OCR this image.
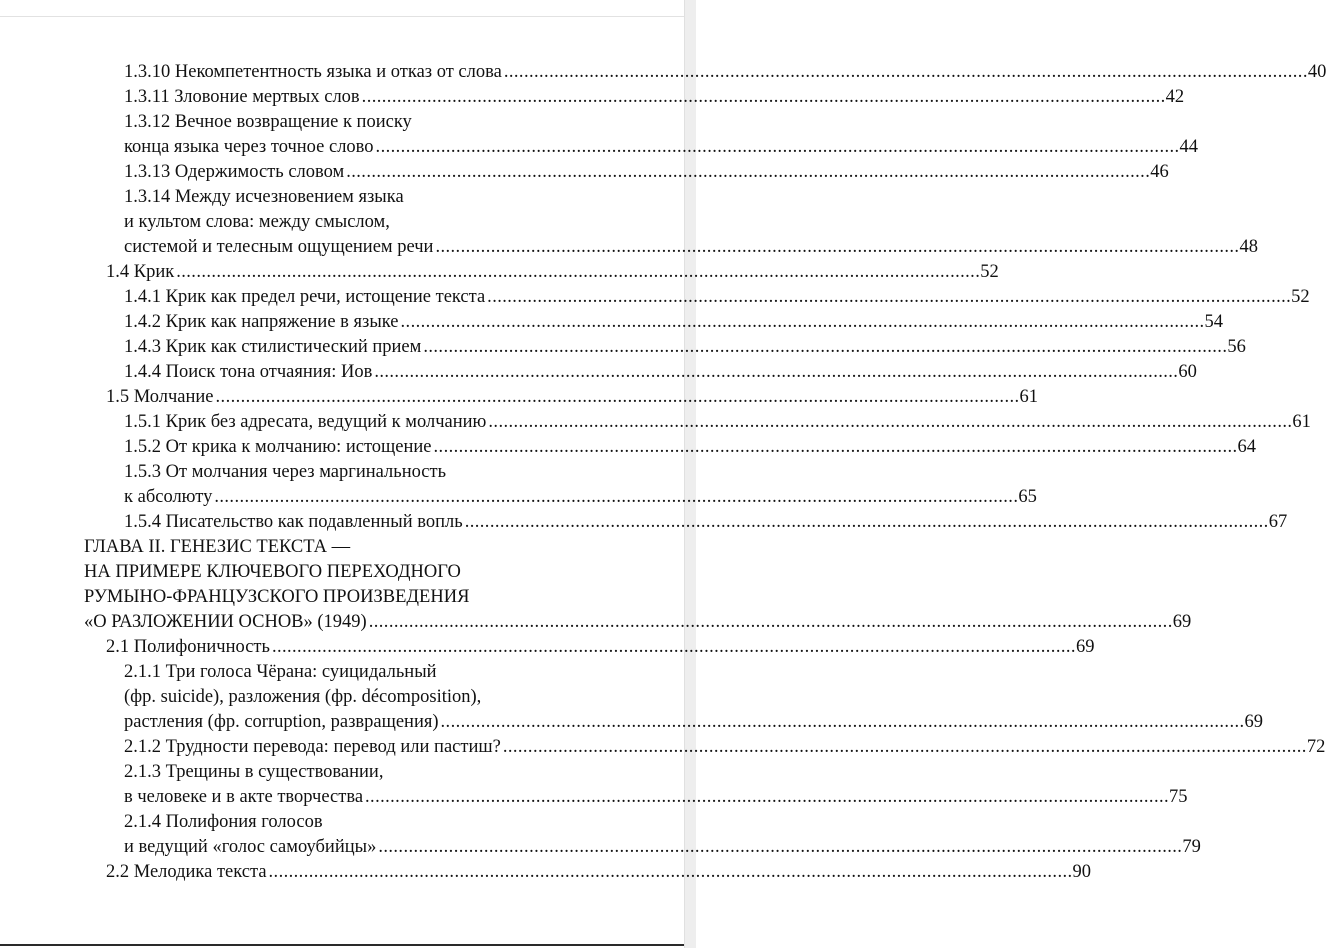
1.3.10 Некомпетентность языка и отказ от слова ................................................................................................................................................................ 40
1.3.11 Зловоние мертвых слов ................................................................................................................................................................ 42
1.3.12 Вечное возвращение к поиску
конца языка через точное слово ................................................................................................................................................................ 44
1.3.13 Одержимость словом ................................................................................................................................................................ 46
1.3.14 Между исчезновением языка
и культом слова: между смыслом,
системой и телесным ощущением речи ................................................................................................................................................................ 48
1.4 Крик ................................................................................................................................................................ 52
1.4.1 Крик как предел речи, истощение текста ................................................................................................................................................................ 52
1.4.2 Крик как напряжение в языке ................................................................................................................................................................ 54
1.4.3 Крик как стилистический прием ................................................................................................................................................................ 56
1.4.4 Поиск тона отчаяния: Иов ................................................................................................................................................................ 60
1.5 Молчание ................................................................................................................................................................ 61
1.5.1 Крик без адресата, ведущий к молчанию ................................................................................................................................................................ 61
1.5.2 От крика к молчанию: истощение ................................................................................................................................................................ 64
1.5.3 От молчания через маргинальность
к абсолюту ................................................................................................................................................................ 65
1.5.4 Писательство как подавленный вопль ................................................................................................................................................................ 67
ГЛАВА II. ГЕНЕЗИС ТЕКСТА —
НА ПРИМЕРЕ КЛЮЧЕВОГО ПЕРЕХОДНОГО
РУМЫНО-ФРАНЦУЗСКОГО ПРОИЗВЕДЕНИЯ
«О РАЗЛОЖЕНИИ ОСНОВ» (1949) ................................................................................................................................................................ 69
2.1 Полифоничность ................................................................................................................................................................ 69
2.1.1 Три голоса Чёрана: суицидальный
(фр. suicide), разложения (фр. décomposition),
растления (фр. corruption, развращения) ................................................................................................................................................................ 69
2.1.2 Трудности перевода: перевод или пастиш? ................................................................................................................................................................ 72
2.1.3 Трещины в существовании,
в человеке и в акте творчества ................................................................................................................................................................ 75
2.1.4 Полифония голосов
и ведущий «голос самоубийцы» ................................................................................................................................................................ 79
2.2 Мелодика текста ................................................................................................................................................................ 90
